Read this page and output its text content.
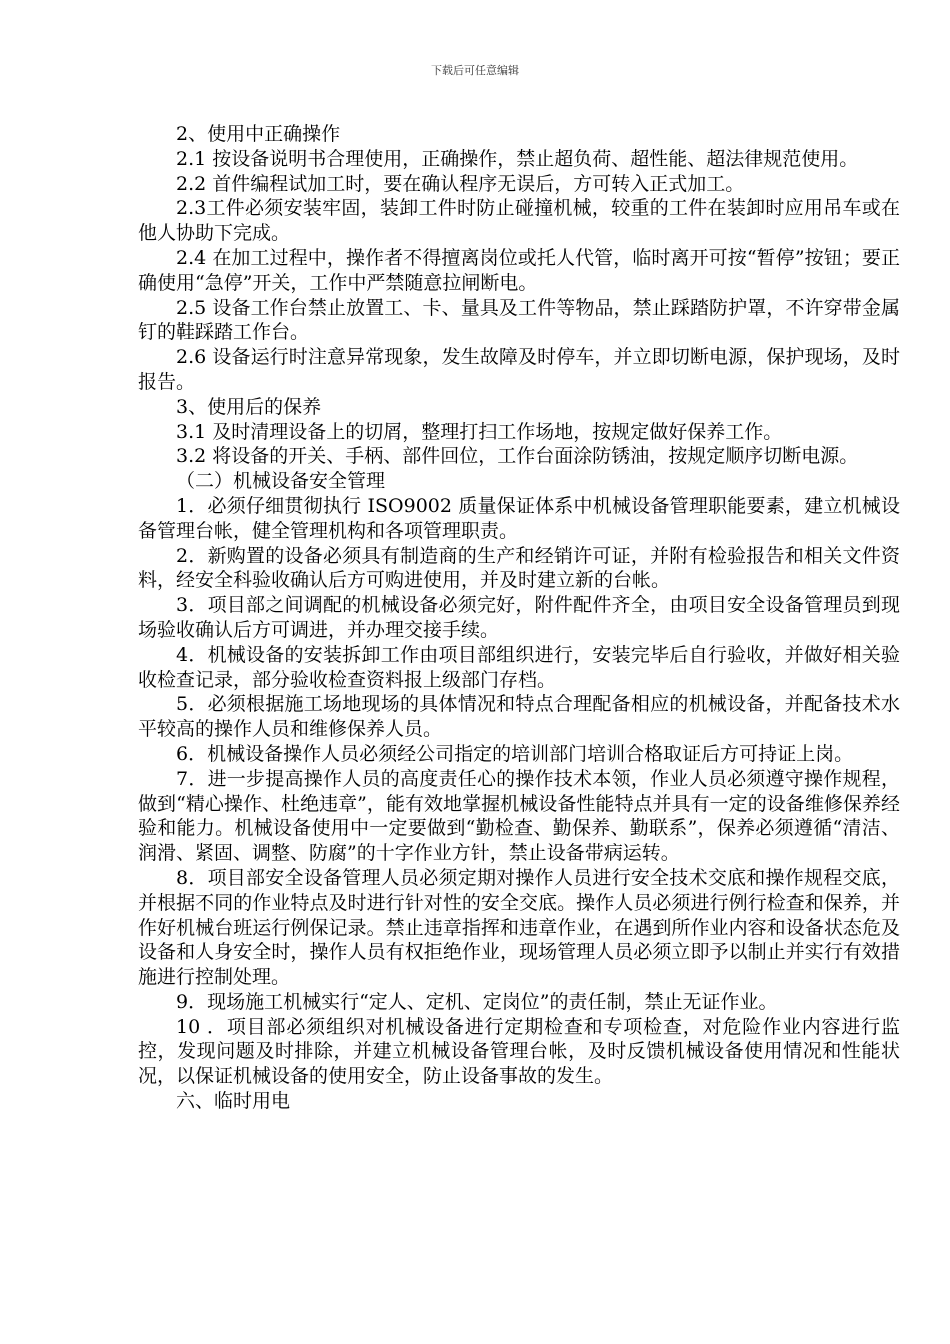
下载后可任意编辑

2、使用中正确操作

2.1 按设备说明书合理使用，正确操作，禁止超负荷、超性能、超法律规范使用。

2.2 首件编程试加工时，要在确认程序无误后，方可转入正式加工。

2.3工件必须安装牢固，装卸工件时防止碰撞机械，较重的工件在装卸时应用吊车或在他人协助下完成。

2.4 在加工过程中，操作者不得擅离岗位或托人代管，临时离开可按“暂停”按钮；要正确使用“急停”开关，工作中严禁随意拉闸断电。

2.5 设备工作台禁止放置工、卡、量具及工件等物品，禁止踩踏防护罩，不许穿带金属钉的鞋踩踏工作台。

2.6 设备运行时注意异常现象，发生故障及时停车，并立即切断电源，保护现场，及时报告。

3、使用后的保养

3.1 及时清理设备上的切屑，整理打扫工作场地，按规定做好保养工作。

3.2 将设备的开关、手柄、部件回位，工作台面涂防锈油，按规定顺序切断电源。

（二）机械设备安全管理

1．必须仔细贯彻执行 ISO9002 质量保证体系中机械设备管理职能要素，建立机械设备管理台帐，健全管理机构和各项管理职责。

2．新购置的设备必须具有制造商的生产和经销许可证，并附有检验报告和相关文件资料，经安全科验收确认后方可购进使用，并及时建立新的台帐。

3．项目部之间调配的机械设备必须完好，附件配件齐全，由项目安全设备管理员到现场验收确认后方可调进，并办理交接手续。

4．机械设备的安装拆卸工作由项目部组织进行，安装完毕后自行验收，并做好相关验收检查记录，部分验收检查资料报上级部门存档。

5．必须根据施工场地现场的具体情况和特点合理配备相应的机械设备，并配备技术水平较高的操作人员和维修保养人员。

6．机械设备操作人员必须经公司指定的培训部门培训合格取证后方可持证上岗。

7．进一步提高操作人员的高度责任心的操作技术本领，作业人员必须遵守操作规程，做到“精心操作、杜绝违章”，能有效地掌握机械设备性能特点并具有一定的设备维修保养经验和能力。机械设备使用中一定要做到“勤检查、勤保养、勤联系”，保养必须遵循“清洁、润滑、紧固、调整、防腐”的十字作业方针，禁止设备带病运转。

8．项目部安全设备管理人员必须定期对操作人员进行安全技术交底和操作规程交底，并根据不同的作业特点及时进行针对性的安全交底。操作人员必须进行例行检查和保养，并作好机械台班运行例保记录。禁止违章指挥和违章作业，在遇到所作业内容和设备状态危及设备和人身安全时，操作人员有权拒绝作业，现场管理人员必须立即予以制止并实行有效措施进行控制处理。

9．现场施工机械实行“定人、定机、定岗位”的责任制，禁止无证作业。

10 ．项目部必须组织对机械设备进行定期检查和专项检查，对危险作业内容进行监控，发现问题及时排除，并建立机械设备管理台帐，及时反馈机械设备使用情况和性能状况，以保证机械设备的使用安全，防止设备事故的发生。

六、临时用电
